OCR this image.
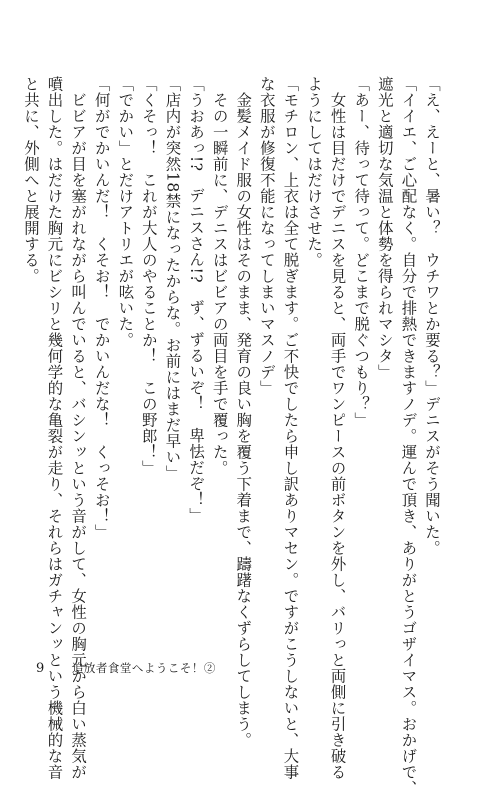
「え、えーと、暑い？　ウチワとか要る？」デニスがそう聞いた。
「イイエ、ご心配なく。自分で排熱できますノデ。運んで頂き、ありがとうゴザイマス。おかげで、
遮光と適切な気温と体勢を得られマシタ」
「あー、待って待って。どこまで脱ぐつもり？」
　女性は目だけでデニスを見ると、両手でワンピースの前ボタンを外し、バリっと両側に引き破る
ようにしてはだけさせた。
「モチロン、上衣は全て脱ぎます。ご不快でしたら申し訳ありマセン。ですがこうしないと、大事
な衣服が修復不能になってしまいマスノデ」
　金髪メイド服の女性はそのまま、発育の良い胸を覆う下着まで、躊躇なくずらしてしまう。
　その一瞬前に、デニスはビビアの両目を手で覆った。
「うおあっ!?　デニスさん!?　ず、ずるいぞ！　卑怯だぞ！」
「店内が突然18禁になったからな。お前にはまだ早い」
「くそっ！　これが大人のやることか！　この野郎！」
「でかい」とだけアトリエが呟いた。
「何がでかいんだ！　くそお！　でかいんだな！　くっそお！」
　ビビアが目を塞がれながら叫んでいると、バシンッという音がして、女性の胸元から白い蒸気が
噴出した。はだけた胸元にビシリと幾何学的な亀裂が走り、それらはガチャンッという機械的な音
と共に、外側へと展開する。
9 追放者食堂へようこそ！②
